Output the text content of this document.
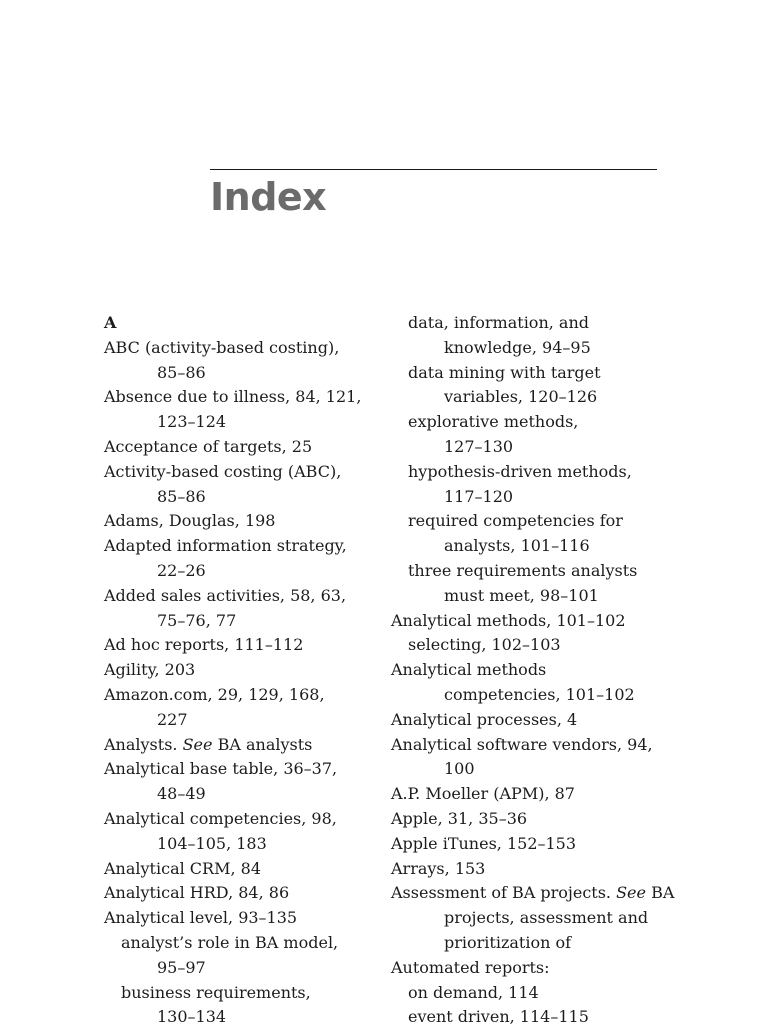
Index
A
ABC (activity-based costing),
85–86
Absence due to illness, 84, 121,
123–124
Acceptance of targets, 25
Activity-based costing (ABC),
85–86
Adams, Douglas, 198
Adapted information strategy,
22–26
Added sales activities, 58, 63,
75–76, 77
Ad hoc reports, 111–112
Agility, 203
Amazon.com, 29, 129, 168,
227
Analysts. See BA analysts
Analytical base table, 36–37,
48–49
Analytical competencies, 98,
104–105, 183
Analytical CRM, 84
Analytical HRD, 84, 86
Analytical level, 93–135
analyst’s role in BA model,
95–97
business requirements,
130–134
data, information, and
knowledge, 94–95
data mining with target
variables, 120–126
explorative methods,
127–130
hypothesis-driven methods,
117–120
required competencies for
analysts, 101–116
three requirements analysts
must meet, 98–101
Analytical methods, 101–102
selecting, 102–103
Analytical methods
competencies, 101–102
Analytical processes, 4
Analytical software vendors, 94,
100
A.P. Moeller (APM), 87
Apple, 31, 35–36
Apple iTunes, 152–153
Arrays, 153
Assessment of BA projects. See BA
projects, assessment and
prioritization of
Automated reports:
on demand, 114
event driven, 114–115
